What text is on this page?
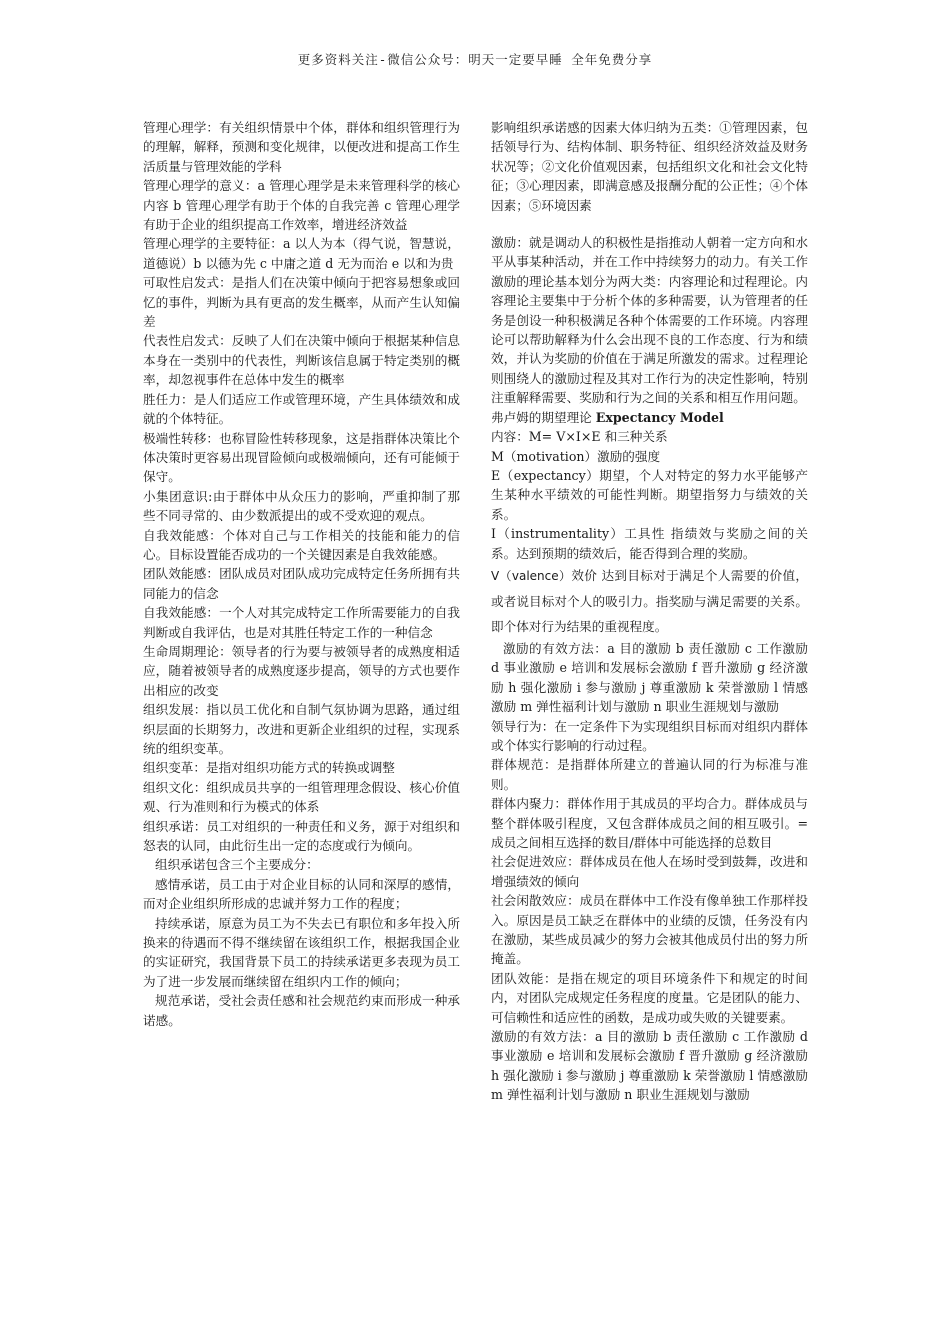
更多资料关注-微信公众号：明天一定要早睡 全年免费分享

管理心理学：有关组织情景中个体，群体和组织管理行为的理解，解释，预测和变化规律，以便改进和提高工作生活质量与管理效能的学科

管理心理学的意义：a 管理心理学是未来管理科学的核心内容 b 管理心理学有助于个体的自我完善 c 管理心理学有助于企业的组织提高工作效率，增进经济效益

管理心理学的主要特征：a 以人为本（得气说，智慧说，道德说）b 以德为先 c 中庸之道 d 无为而治 e 以和为贵

可取性启发式：是指人们在决策中倾向于把容易想象或回忆的事件，判断为具有更高的发生概率，从而产生认知偏差

代表性启发式：反映了人们在决策中倾向于根据某种信息本身在一类别中的代表性，判断该信息属于特定类别的概率，却忽视事件在总体中发生的概率

胜任力：是人们适应工作或管理环境，产生具体绩效和成就的个体特征。

极端性转移：也称冒险性转移现象，这是指群体决策比个体决策时更容易出现冒险倾向或极端倾向，还有可能倾于保守。

小集团意识:由于群体中从众压力的影响，严重抑制了那些不同寻常的、由少数派提出的或不受欢迎的观点。

自我效能感：个体对自己与工作相关的技能和能力的信心。目标设置能否成功的一个关键因素是自我效能感。

团队效能感：团队成员对团队成功完成特定任务所拥有共同能力的信念

自我效能感：一个人对其完成特定工作所需要能力的自我判断或自我评估，也是对其胜任特定工作的一种信念

生命周期理论：领导者的行为要与被领导者的成熟度相适应，随着被领导者的成熟度逐步提高，领导的方式也要作出相应的改变

组织发展：指以员工优化和自制气氛协调为思路，通过组织层面的长期努力，改进和更新企业组织的过程，实现系统的组织变革。

组织变革：是指对组织功能方式的转换或调整

组织文化：组织成员共享的一组管理理念假设、核心价值观、行为准则和行为模式的体系

组织承诺：员工对组织的一种责任和义务，源于对组织和怒表的认同，由此衍生出一定的态度或行为倾向。

组织承诺包含三个主要成分：

感情承诺，员工由于对企业目标的认同和深厚的感情，而对企业组织所形成的忠诚并努力工作的程度；

持续承诺，原意为员工为不失去已有职位和多年投入所换来的待遇而不得不继续留在该组织工作，根据我国企业的实证研究，我国背景下员工的持续承诺更多表现为员工为了进一步发展而继续留在组织内工作的倾向；

规范承诺，受社会责任感和社会规范约束而形成一种承诺感。

影响组织承诺感的因素大体归纳为五类：①管理因素，包括领导行为、结构体制、职务特征、组织经济效益及财务状况等；②文化价值观因素，包括组织文化和社会文化特征；③心理因素，即满意感及报酬分配的公正性；④个体因素；⑤环境因素

激励：就是调动人的积极性是指推动人朝着一定方向和水平从事某种活动，并在工作中持续努力的动力。有关工作激励的理论基本划分为两大类：内容理论和过程理论。内容理论主要集中于分析个体的多种需要，认为管理者的任务是创设一种积极满足各种个体需要的工作环境。内容理论可以帮助解释为什么会出现不良的工作态度、行为和绩效，并认为奖励的价值在于满足所激发的需求。过程理论则围绕人的激励过程及其对工作行为的决定性影响，特别注重解释需要、奖励和行为之间的关系和相互作用问题。

弗卢姆的期望理论 Expectancy Model

内容：M= V×I×E 和三种关系

M（motivation）激励的强度

E（expectancy）期望，个人对特定的努力水平能够产生某种水平绩效的可能性判断。期望指努力与绩效的关系。

I（instrumentality）工具性 指绩效与奖励之间的关系。达到预期的绩效后，能否得到合理的奖励。

V（valence）效价 达到目标对于满足个人需要的价值，或者说目标对个人的吸引力。指奖励与满足需要的关系。即个体对行为结果的重视程度。

激励的有效方法：a 目的激励 b 责任激励 c 工作激励 d 事业激励 e 培训和发展标会激励 f 晋升激励 g 经济激励 h 强化激励 i 参与激励 j 尊重激励 k 荣誉激励 l 情感激励 m 弹性福利计划与激励 n 职业生涯规划与激励

领导行为：在一定条件下为实现组织目标而对组织内群体或个体实行影响的行动过程。

群体规范：是指群体所建立的普遍认同的行为标准与准则。

群体内聚力：群体作用于其成员的平均合力。群体成员与整个群体吸引程度，又包含群体成员之间的相互吸引。=成员之间相互选择的数目/群体中可能选择的总数目

社会促进效应：群体成员在他人在场时受到鼓舞，改进和增强绩效的倾向

社会闲散效应：成员在群体中工作没有像单独工作那样投入。原因是员工缺乏在群体中的业绩的反馈，任务没有内在激励，某些成员减少的努力会被其他成员付出的努力所掩盖。

团队效能：是指在规定的项目环境条件下和规定的时间内，对团队完成规定任务程度的度量。它是团队的能力、可信赖性和适应性的函数，是成功或失败的关键要素。

激励的有效方法：a 目的激励 b 责任激励 c 工作激励 d 事业激励 e 培训和发展标会激励 f 晋升激励 g 经济激励 h 强化激励 i 参与激励 j 尊重激励 k 荣誉激励 l 情感激励 m 弹性福利计划与激励 n 职业生涯规划与激励
